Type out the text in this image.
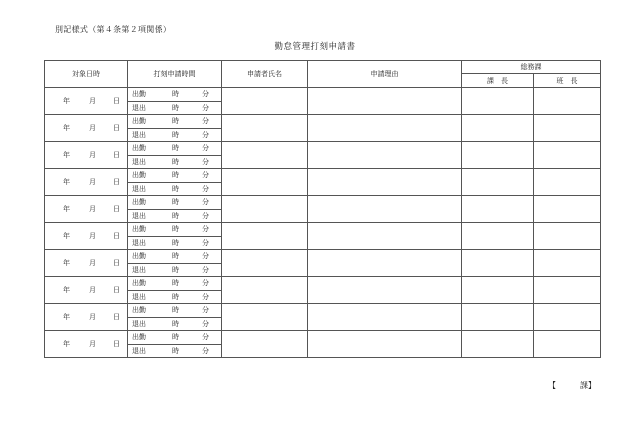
別記様式（第４条第２項関係）
勤怠管理打刻申請書
対象日時	打刻申請時間	申請者氏名	申請理由	総務課	
				課　長	班　長

年 月 日	出勤 時 分				

	退出 時 分				

年 月 日	出勤 時 分				

	退出 時 分				

年 月 日	出勤 時 分				

	退出 時 分				

年 月 日	出勤 時 分				

	退出 時 分				

年 月 日	出勤 時 分				

	退出 時 分				

年 月 日	出勤 時 分				

	退出 時 分				

年 月 日	出勤 時 分				

	退出 時 分				

年 月 日	出勤 時 分				

	退出 時 分				

年 月 日	出勤 時 分				

	退出 時 分				

年 月 日	出勤 時 分				

	退出 時 分				
【　　　課】
